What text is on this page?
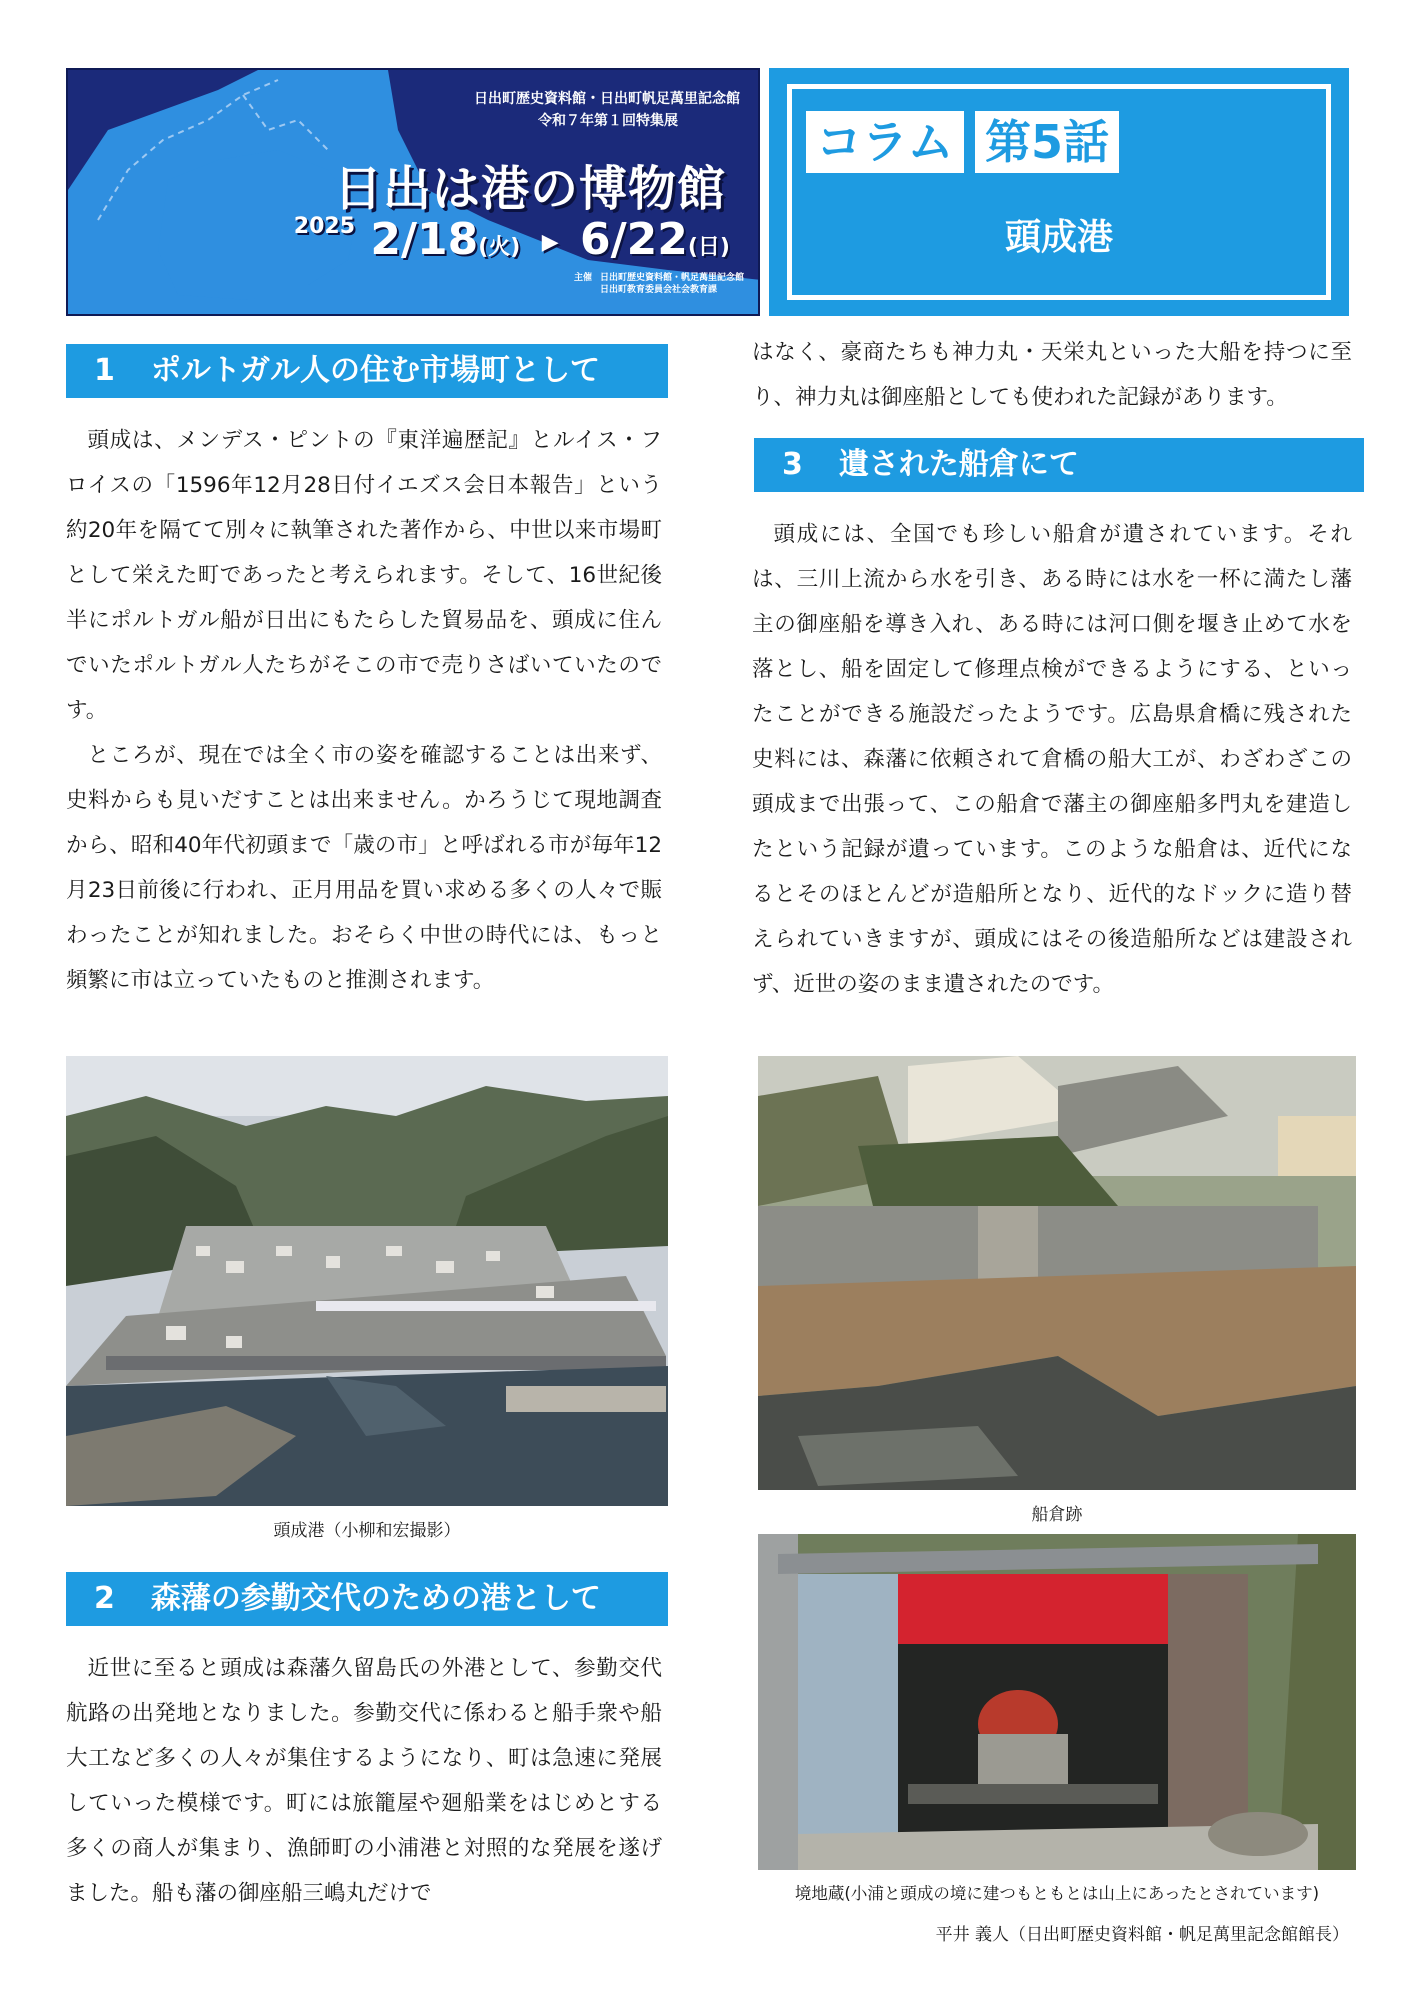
日出町歴史資料館・日出町帆足萬里記念館
令和７年第１回特集展
日出は港の博物館
$^{2025}$ 2/18(火) ▶ 6/22(日)
主催 日出町歴史資料館・帆足萬里記念館
日出町教育委員会社会教育課
コラム 第5話
頭成港
1 ポルトガル人の住む市場町として

頭成は、メンデス・ピントの『東洋遍歴記』とルイス・フロイスの「1596年12月28日付イエズス会日本報告」という約20年を隔てて別々に執筆された著作から、中世以来市場町として栄えた町であったと考えられます。そして、16世紀後半にポルトガル船が日出にもたらした貿易品を、頭成に住んでいたポルトガル人たちがそこの市で売りさばいていたのです。

ところが、現在では全く市の姿を確認することは出来ず、史料からも見いだすことは出来ません。かろうじて現地調査から、昭和40年代初頭まで「歳の市」と呼ばれる市が毎年12月23日前後に行われ、正月用品を買い求める多くの人々で賑わったことが知れました。おそらく中世の時代には、もっと頻繁に市は立っていたものと推測されます。

頭成港（小柳和宏撮影）
2 森藩の参勤交代のための港として

近世に至ると頭成は森藩久留島氏の外港として、参勤交代航路の出発地となりました。参勤交代に係わると船手衆や船大工など多くの人々が集住するようになり、町は急速に発展していった模様です。町には旅籠屋や廻船業をはじめとする多くの商人が集まり、漁師町の小浦港と対照的な発展を遂げました。船も藩の御座船三嶋丸だけで

はなく、豪商たちも神力丸・天栄丸といった大船を持つに至り、神力丸は御座船としても使われた記録があります。

3 遺された船倉にて

頭成には、全国でも珍しい船倉が遺されています。それは、三川上流から水を引き、ある時には水を一杯に満たし藩主の御座船を導き入れ、ある時には河口側を堰き止めて水を落とし、船を固定して修理点検ができるようにする、といったことができる施設だったようです。広島県倉橋に残された史料には、森藩に依頼されて倉橋の船大工が、わざわざこの頭成まで出張って、この船倉で藩主の御座船多門丸を建造したという記録が遺っています。このような船倉は、近代になるとそのほとんどが造船所となり、近代的なドックに造り替えられていきますが、頭成にはその後造船所などは建設されず、近世の姿のまま遺されたのです。

船倉跡
境地蔵(小浦と頭成の境に建つもともとは山上にあったとされています)
平井 義人（日出町歴史資料館・帆足萬里記念館館長）
